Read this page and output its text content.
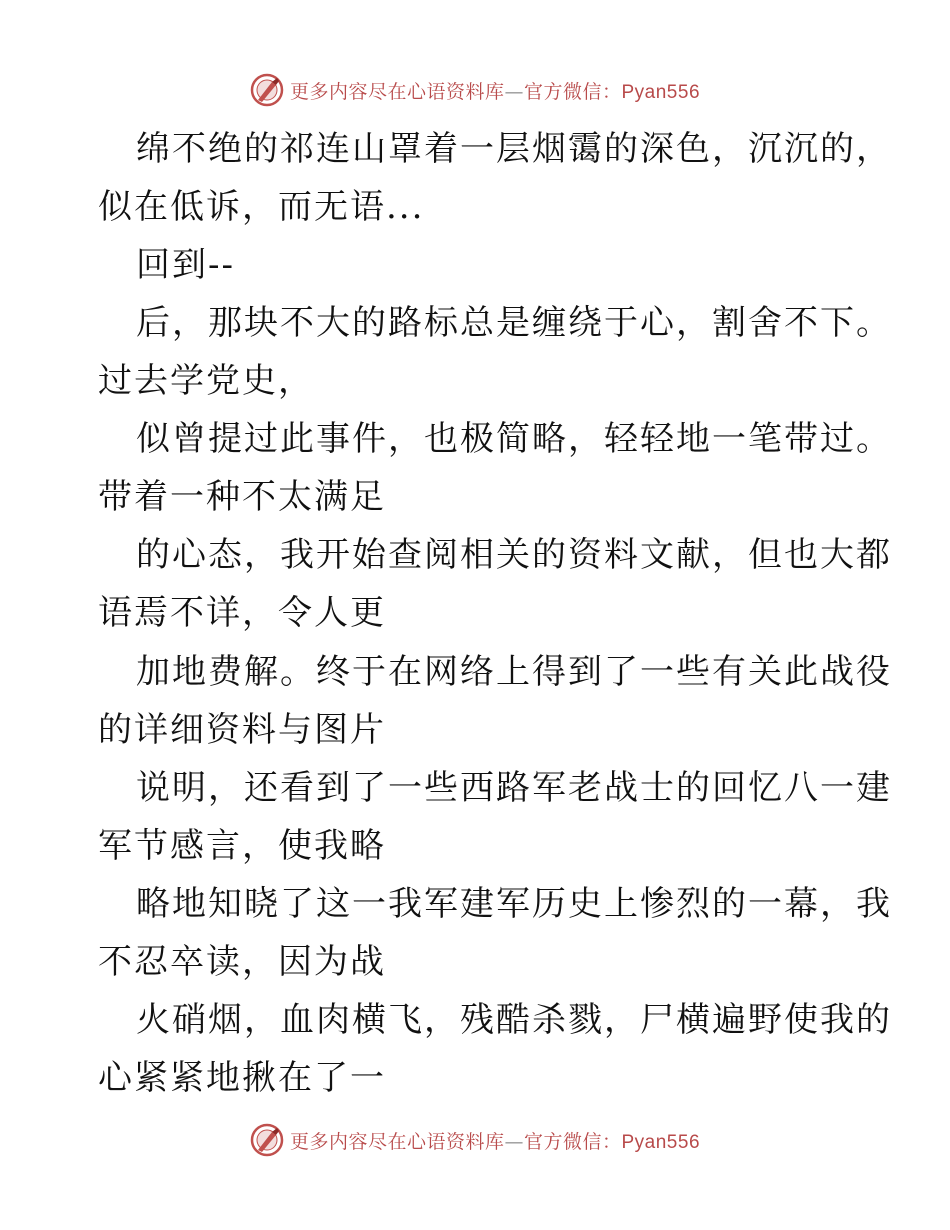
更多内容尽在心语资料库—官方微信：Pyan556
绵不绝的祁连山罩着一层烟霭的深色，沉沉的，
似在低诉，而无语...
回到--
后，那块不大的路标总是缠绕于心，割舍不下。
过去学党史，
似曾提过此事件，也极简略，轻轻地一笔带过。
带着一种不太满足
的心态，我开始查阅相关的资料文献，但也大都
语焉不详，令人更
加地费解。终于在网络上得到了一些有关此战役
的详细资料与图片
说明，还看到了一些西路军老战士的回忆八一建
军节感言，使我略
略地知晓了这一我军建军历史上惨烈的一幕，我
不忍卒读，因为战
火硝烟，血肉横飞，残酷杀戮，尸横遍野使我的
心紧紧地揪在了一
更多内容尽在心语资料库—官方微信：Pyan556
